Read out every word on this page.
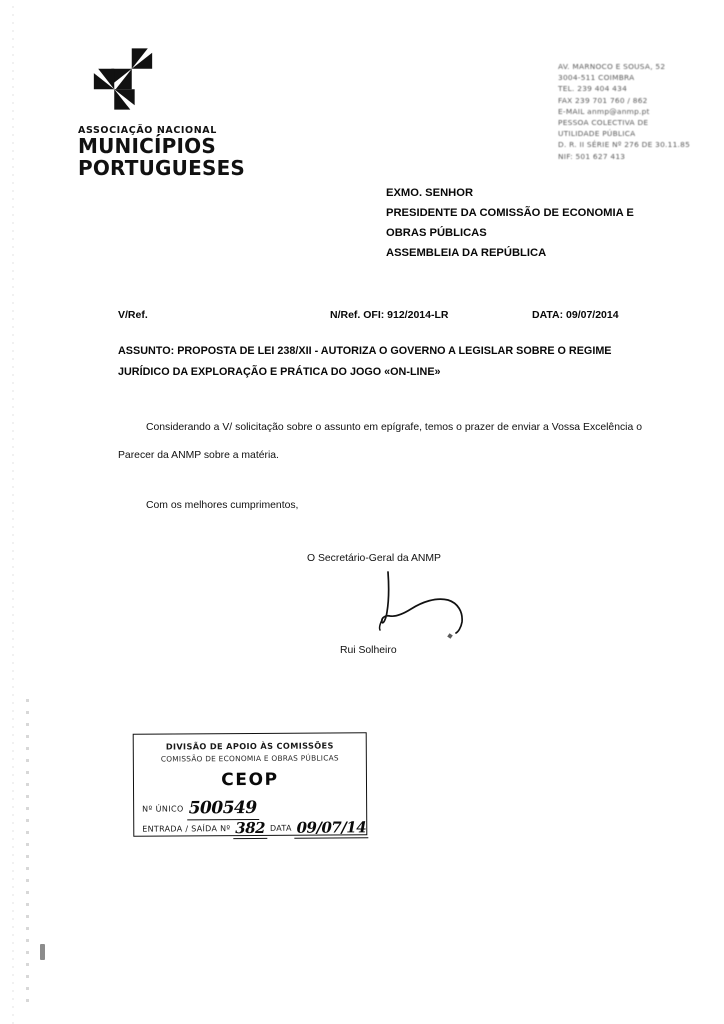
ASSOCIAÇÃO NACIONAL
MUNICÍPIOS
PORTUGUESES
AV. MARNOCO E SOUSA, 52
3004-511 COIMBRA
TEL. 239 404 434
FAX 239 701 760 / 862
E-MAIL anmp@anmp.pt
PESSOA COLECTIVA DE
UTILIDADE PÚBLICA
D. R. II SÉRIE Nº 276 DE 30.11.85
NIF: 501 627 413
EXMO. SENHOR
PRESIDENTE DA COMISSÃO DE ECONOMIA E
OBRAS PÚBLICAS
ASSEMBLEIA DA REPÚBLICA
V/Ref.	N/Ref. OFI: 912/2014-LR	DATA: 09/07/2014
ASSUNTO: PROPOSTA DE LEI 238/XII - AUTORIZA O GOVERNO A LEGISLAR SOBRE O REGIME
JURÍDICO DA EXPLORAÇÃO E PRÁTICA DO JOGO «ON-LINE»
Considerando a V/ solicitação sobre o assunto em epígrafe, temos o prazer de enviar a Vossa Excelência o Parecer da ANMP sobre a matéria.
Com os melhores cumprimentos,
O Secretário-Geral da ANMP
Rui Solheiro
DIVISÃO DE APOIO ÀS COMISSÕES
COMISSÃO DE ECONOMIA E OBRAS PÚBLICAS
CEOP
Nº ÚNICO 500549
ENTRADA / SAÍDA Nº 382 DATA 09/07/14
